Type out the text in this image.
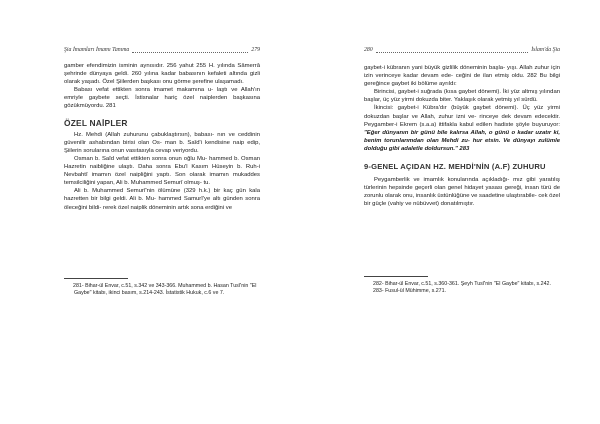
Şia İmamları İmamı Tanıma	279

gamber efendimizin isminin aynısıdır. 256 yahut 255 H. yılında Sâmerrâ şehrinde dünyaya geldi. 260 yılına kadar babasının kefaleti altında gizli olarak yaşadı. Özel Şiilerden başkası onu görme şerefine ulaşamadı.

Babası vefat ettikten sonra imamet makamına u- laştı ve Allah'ın emriyle gaybete seçti. İstisnalar hariç özel naiplerden başkasına gözükmüyordu. 281

ÖZEL NAİPLER

Hz. Mehdi (Allah zuhurunu çabuklaştırsın), babası- nın ve ceddinin güvenilir ashabından birisi olan Os- man b. Saîd'i kendisine naip edip, Şiilerin sorularına onun vasıtasıyla cevap veriyordu.

Osman b. Saîd vefat ettikten sonra onun oğlu Mu- hammed b. Osman Hazretin naibliğine ulaştı. Daha sonra Ebu'l Kasım Hüseyin b. Ruh-i Nevbahtî imamın özel naipliğini yaptı. Son olarak imamın mukaddes temsilciliğini yapan, Ali b. Muhammed Semurî olmuş- tu.

Ali b. Muhammed Semurî'nin ölümüne (329 h.k.) bir kaç gün kala hazretten bir bilgi geldi. Ali b. Mu- hammed Samurî'ye altı günden sonra öleceğini bildi- rerek özel naiplik döneminin artık sona erdiğini ve

281- Bihar-ül Envar, c.51, s.342 ve 343-366. Muhammed b. Hasan Tusî'nin "El Gaybe" kitabı, ikinci basım, s.214-243. İstatistik Hukuk, c.6 ve 7.

280	İslam'da Şia

gaybet-i kübranın yani büyük gizlilik döneminin başla- yışı. Allah zuhur için izin verinceye kadar devam ede- ceğini de ilan etmiş oldu. 282 Bu bilgi gereğince gaybet iki bölüme ayrıldı:

Birincisi, gaybet-i suğrada (kısa gaybet dönemi). İki yüz altmış yılından başlar, üç yüz yirmi dokuzda biter. Yaklaşık olarak yetmiş yıl sürdü.

İkincisi: gaybet-i Kübra'dır (büyük gaybet dönemi). Üç yüz yirmi dokuzdan başlar ve Allah, zuhur izni ve- rinceye dek devam edecektir. Peygamber-i Ekrem (s.a.a) ittifakla kabul edilen hadiste şöyle buyuruyor: "Eğer dünyanın bir günü bile kalırsa Allah, o günü o kadar uzatır ki, benim torunlarımdan olan Mehdi zu- hur etsin. Ve dünyayı zulümle dolduğu gibi adaletle doldursun." 283

9-GENEL AÇIDAN HZ. MEHDİ'NİN (A.F) ZUHURU

Peygamberlik ve imamlık konularında açıkladığı- mız gibi yaratılış türlerinin hepsinde geçerli olan genel hidayet yasası gereği, insan türü de zorunlu olarak onu, insanlık üstünlüğüne ve saadetine ulaştırabile- cek özel bir güçle (vahiy ve nübüvvet) donatılmıştır.

282- Bihar-ül Envar, c.51, s.360-361. Şeyh Tusî'nin "El Gaybe" kitabı, s.242.

283- Fusul-ül Mühimme, s.271.
